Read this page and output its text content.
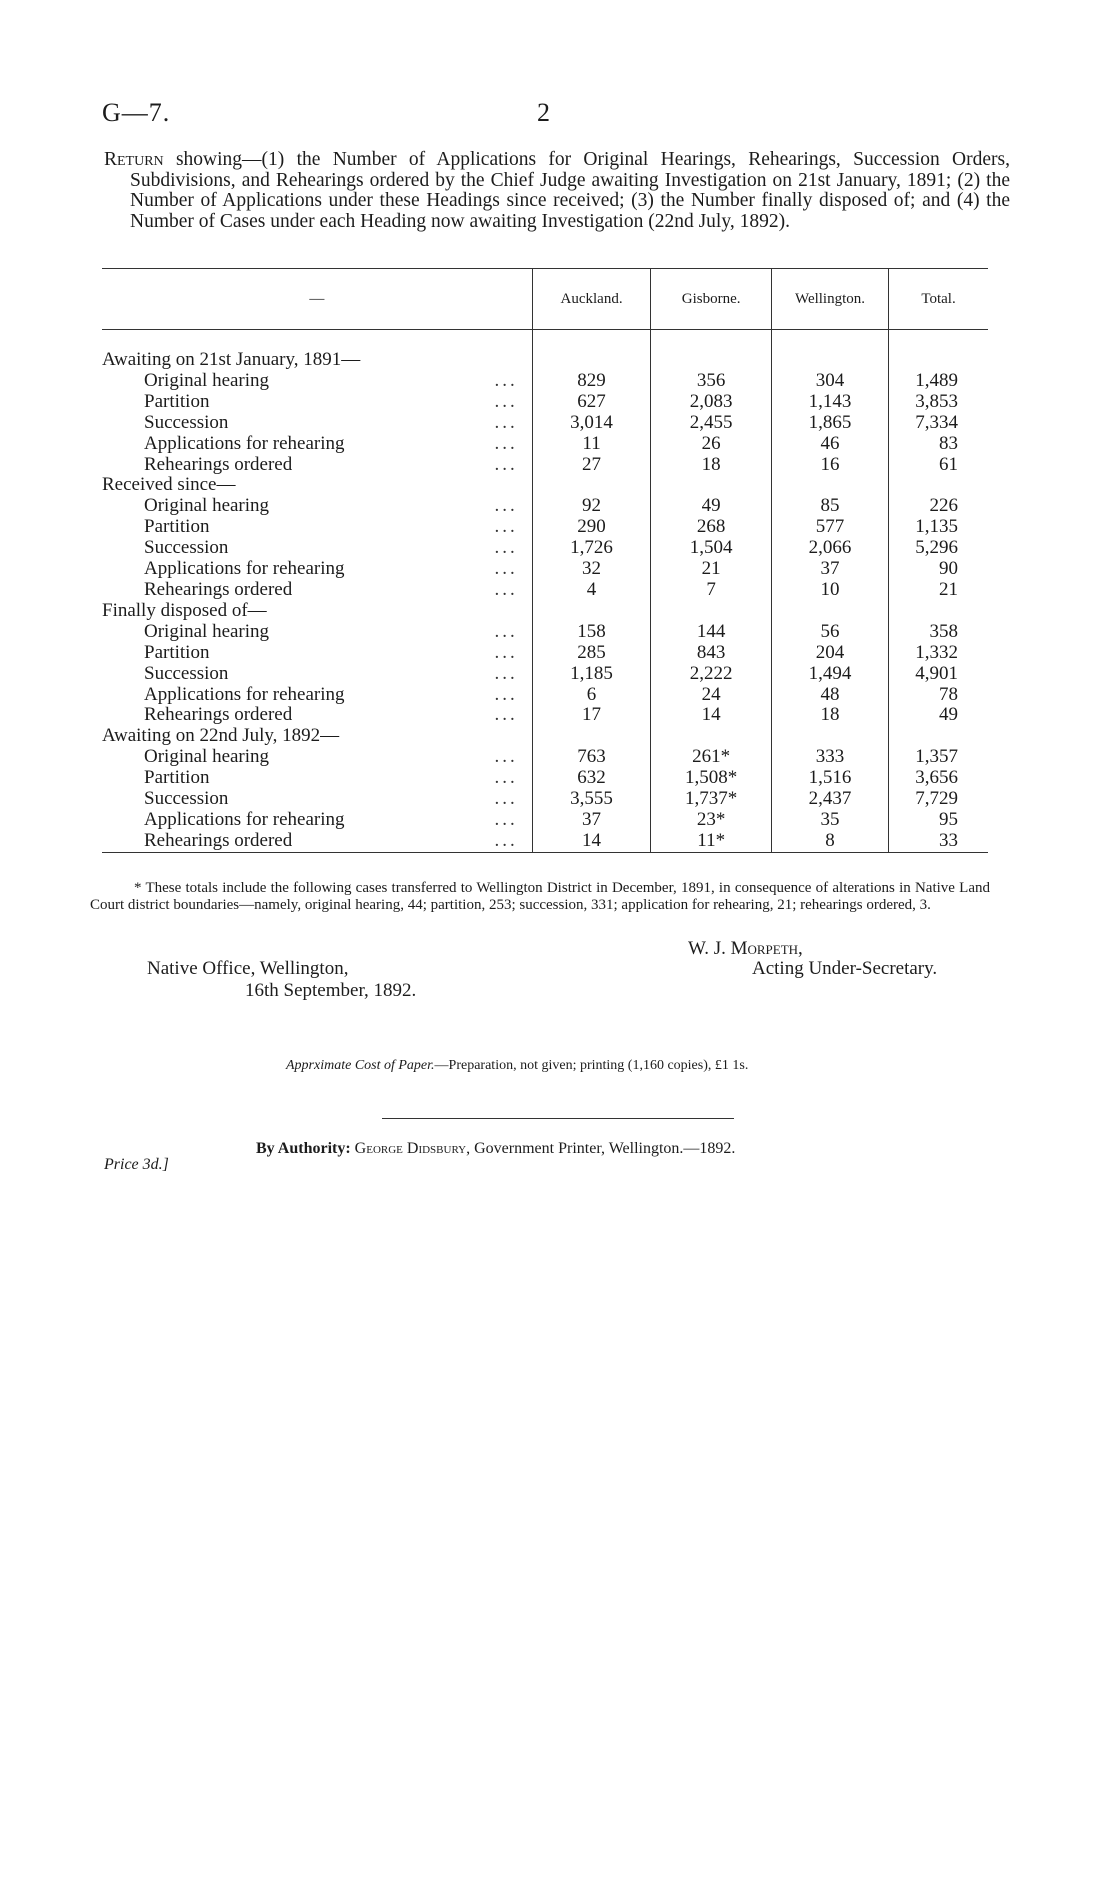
G—7.	2
Return showing—(1) the Number of Applications for Original Hearings, Rehearings, Succession Orders, Subdivisions, and Rehearings ordered by the Chief Judge awaiting Investigation on 21st January, 1891; (2) the Number of Applications under these Headings since received; (3) the Number finally disposed of; and (4) the Number of Cases under each Heading now awaiting Investigation (22nd July, 1892).
—	Auckland.	Gisborne.	Wellington.	Total.

Awaiting on 21st January, 1891—				

Original hearing ...	829	356	304	1,489

Partition ...	627	2,083	1,143	3,853

Succession ...	3,014	2,455	1,865	7,334

Applications for rehearing ...	11	26	46	83

Rehearings ordered ...	27	18	16	61
Received since—				

Original hearing ...	92	49	85	226

Partition ...	290	268	577	1,135

Succession ...	1,726	1,504	2,066	5,296

Applications for rehearing ...	32	21	37	90

Rehearings ordered ...	4	7	10	21
Finally disposed of—				

Original hearing ...	158	144	56	358

Partition ...	285	843	204	1,332

Succession ...	1,185	2,222	1,494	4,901

Applications for rehearing ...	6	24	48	78

Rehearings ordered ...	17	14	18	49
Awaiting on 22nd July, 1892—				

Original hearing ...	763	261*	333	1,357

Partition ...	632	1,508*	1,516	3,656

Succession ...	3,555	1,737*	2,437	7,729

Applications for rehearing ...	37	23*	35	95

Rehearings ordered ...	14	11*	8	33
* These totals include the following cases transferred to Wellington District in December, 1891, in consequence of alterations in Native Land Court district boundaries—namely, original hearing, 44; partition, 253; succession, 331; application for rehearing, 21; rehearings ordered, 3.
W. J. Morpeth,
Acting Under-Secretary.
Native Office, Wellington,
16th September, 1892.
Apprximate Cost of Paper.—Preparation, not given; printing (1,160 copies), £1 1s.
By Authority: George Didsbury, Government Printer, Wellington.—1892.
Price 3d.]
